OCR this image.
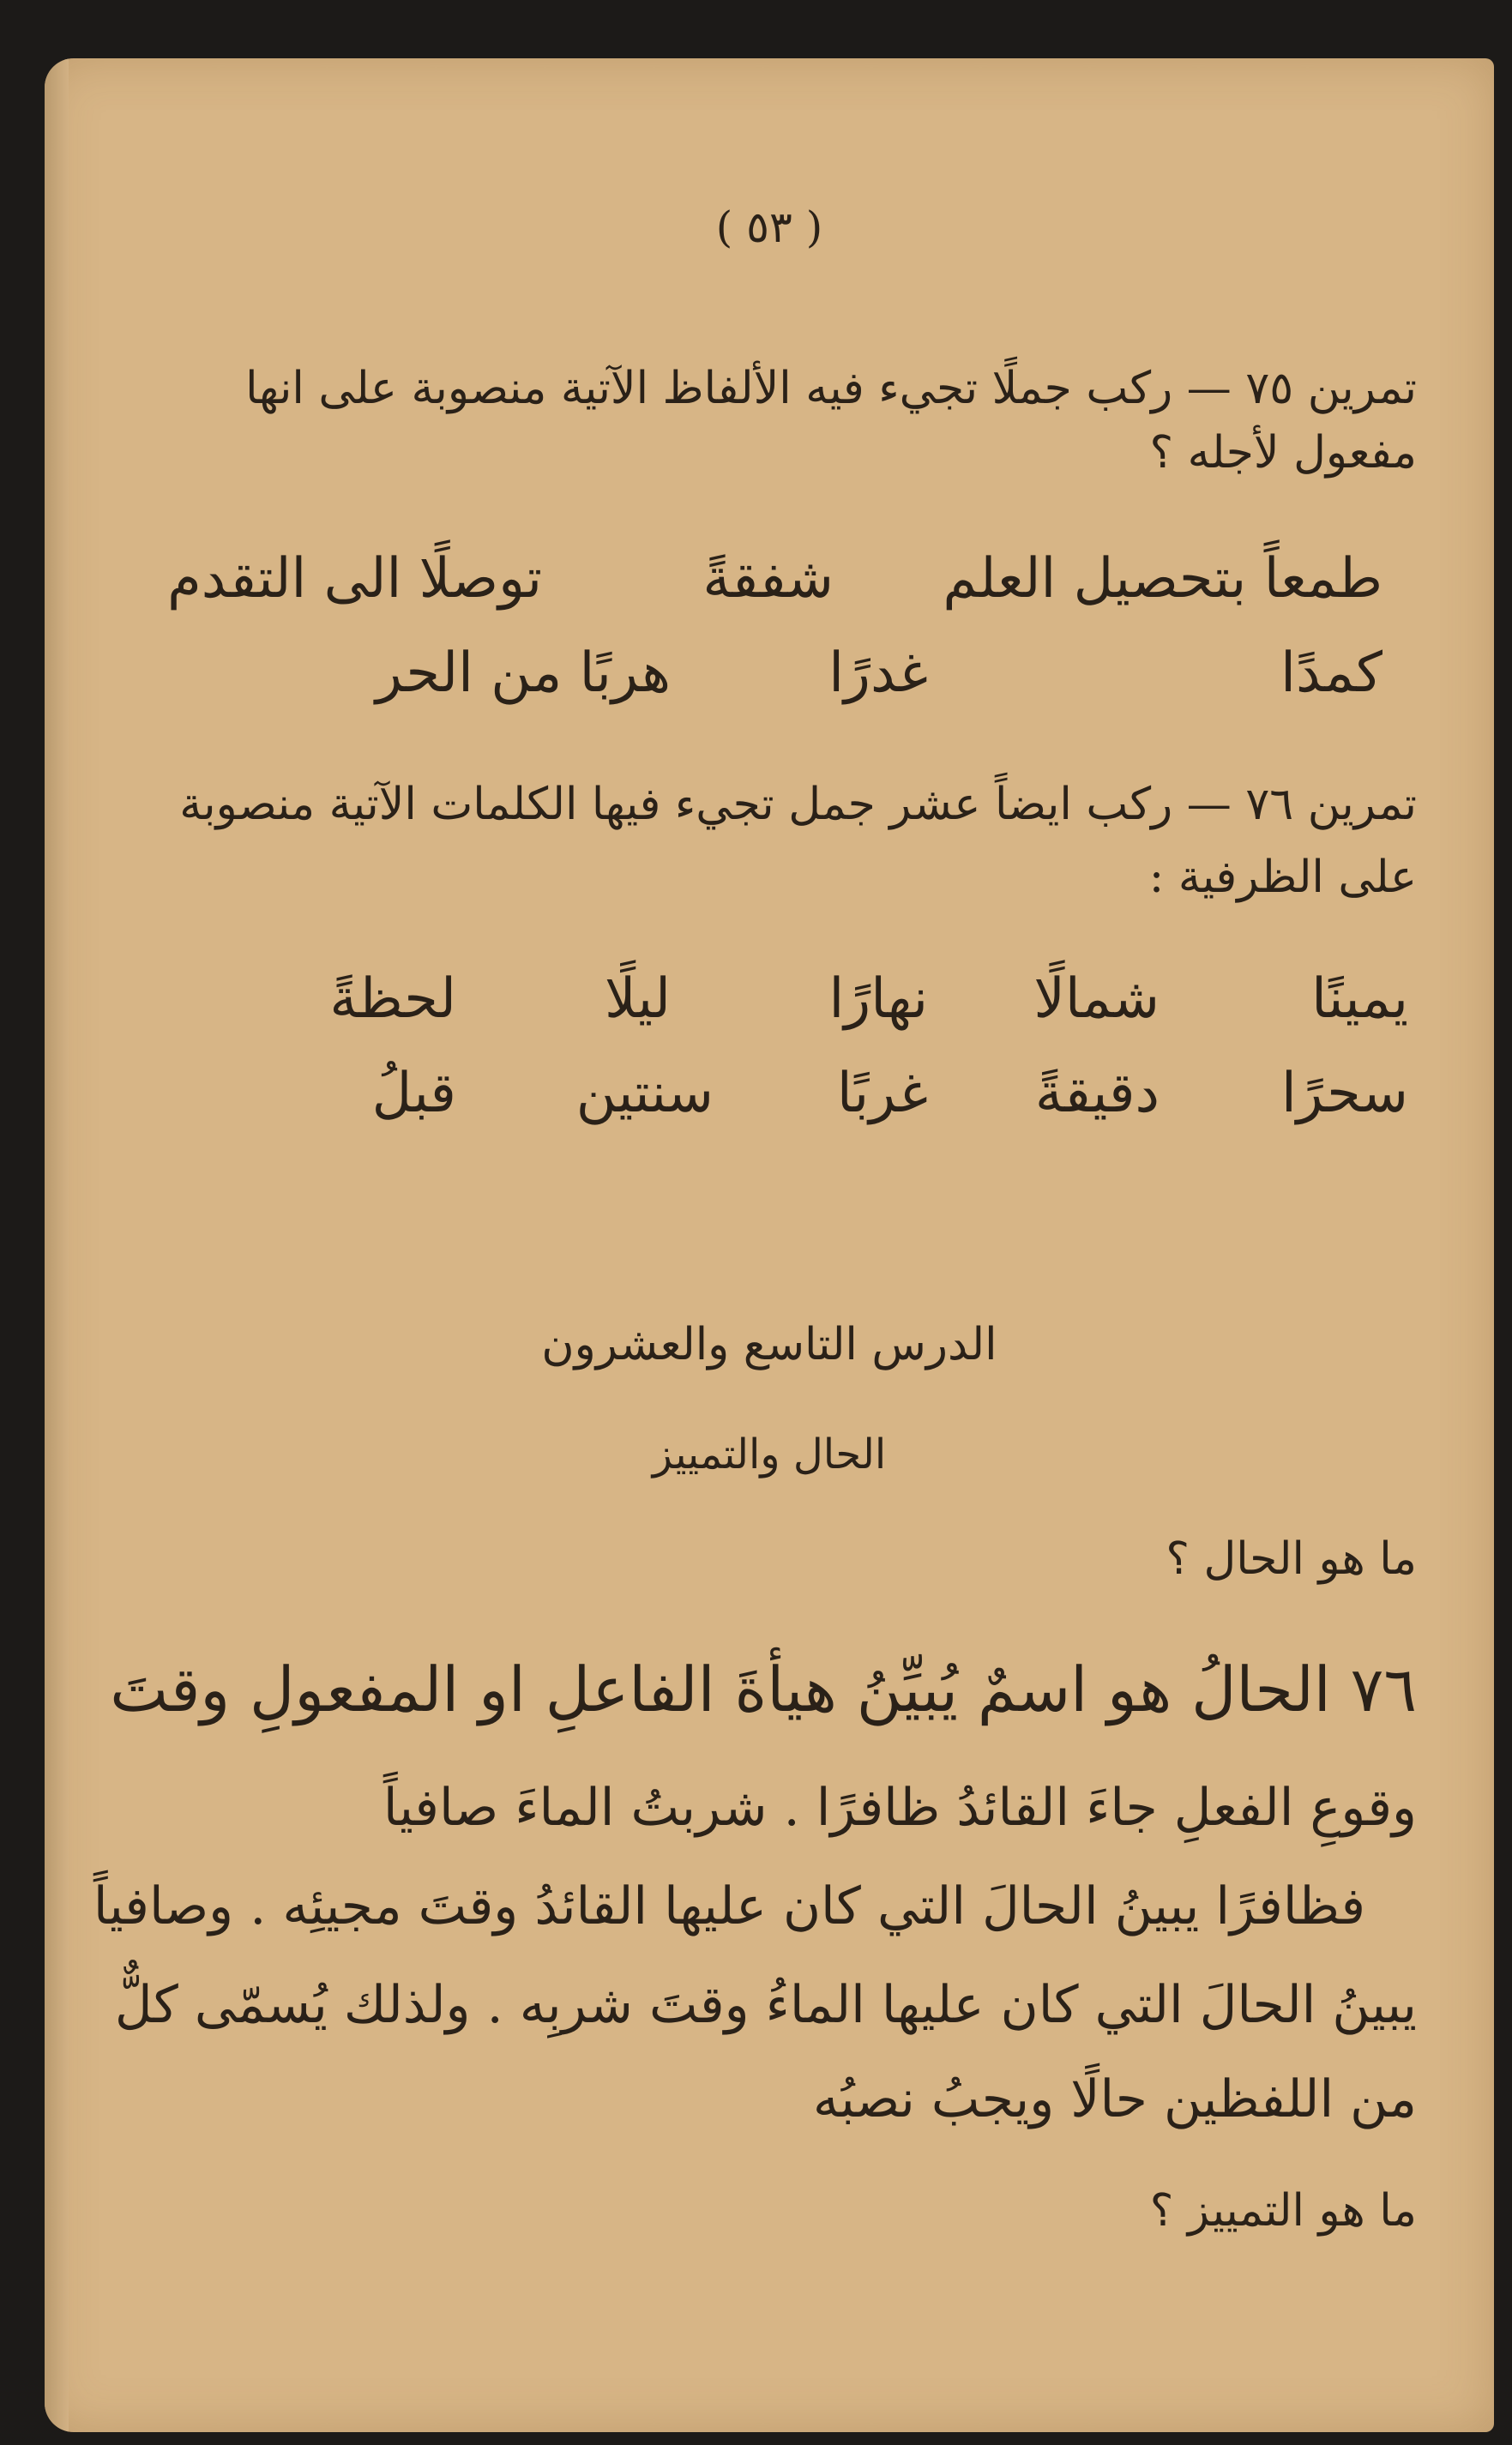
( ٥٣ )
تمرين ٧٥ — ركب جملًا تجيء فيه الألفاظ الآتية منصوبة على انها
مفعول لأجله ؟
طمعاً بتحصيل العلم
شفقةً
توصلًا الى التقدم
كمدًا
غدرًا
هربًا من الحر
تمرين ٧٦ — ركب ايضاً عشر جمل تجيء فيها الكلمات الآتية منصوبة
على الظرفية :
يمينًا
شمالًا
نهارًا
ليلًا
لحظةً
سحرًا
دقيقةً
غربًا
سنتين
قبلُ
الدرس التاسع والعشرون
الحال والتمييز
ما هو الحال ؟
٧٦ الحالُ هو اسمٌ يُبيِّنُ هيأةَ الفاعلِ او المفعولِ وقتَ
وقوعِ الفعلِ جاءَ القائدُ ظافرًا . شربتُ الماءَ صافياً
فظافرًا يبينُ الحالَ التي كان عليها القائدُ وقتَ مجيئِه . وصافياً
يبينُ الحالَ التي كان عليها الماءُ وقتَ شربِه . ولذلك يُسمّى كلٌّ
من اللفظين حالًا ويجبُ نصبُه
ما هو التمييز ؟
